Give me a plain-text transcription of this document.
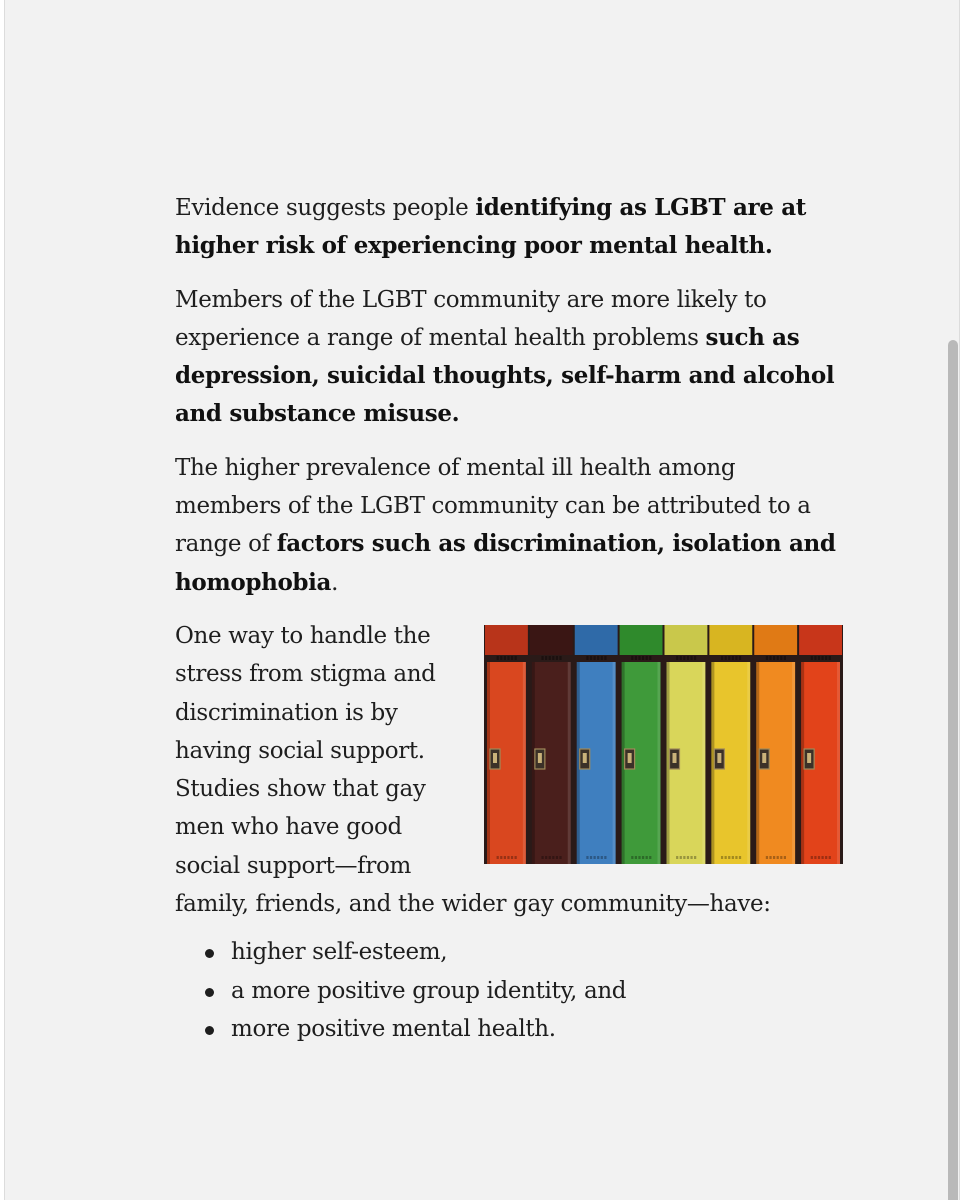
Evidence suggests people identifying as LGBT are at higher risk of experiencing poor mental health.

Members of the LGBT community are more likely to experience a range of mental health problems such as depression, suicidal thoughts, self-harm and alcohol and substance misuse.

The higher prevalence of mental ill health among members of the LGBT community can be attributed to a range of factors such as discrimination, isolation and homophobia.

One way to handle the stress from stigma and discrimination is by having social support. Studies show that gay men who have good social support—from family, friends, and the wider gay community—have:

higher self-esteem,
a more positive group identity, and
more positive mental health.
